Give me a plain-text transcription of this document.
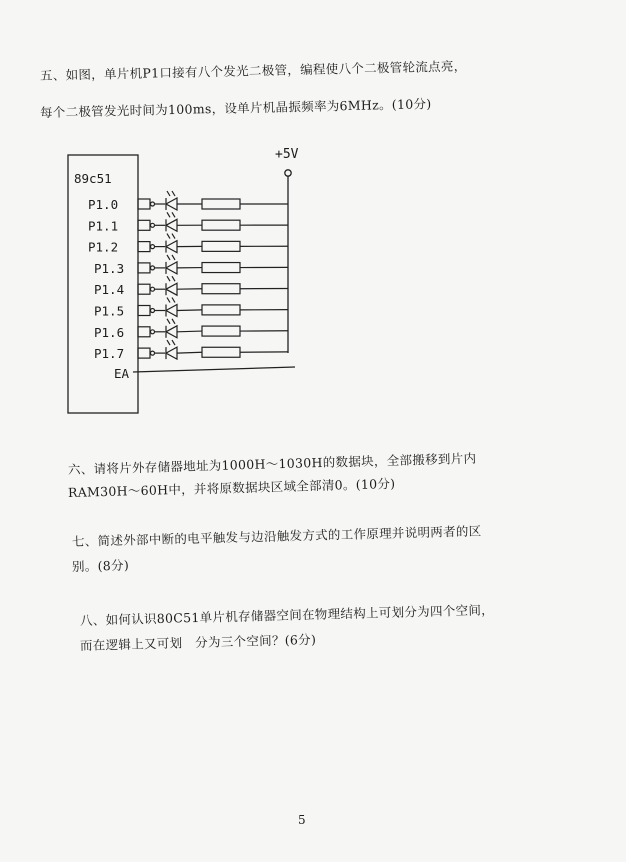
五、如图，单片机P1口接有八个发光二极管，编程使八个二极管轮流点亮，
每个二极管发光时间为100ms，设单片机晶振频率为6MHz。(10分)
+5V
89c51
P1.0
P1.1
P1.2
P1.3
P1.4
P1.5
P1.6
P1.7
EA
六、请将片外存储器地址为1000H～1030H的数据块，全部搬移到片内
RAM30H～60H中，并将原数据块区域全部清0。(10分)
七、简述外部中断的电平触发与边沿触发方式的工作原理并说明两者的区
别。(8分)
八、如何认识80C51单片机存储器空间在物理结构上可划分为四个空间，
而在逻辑上又可划　分为三个空间？(6分)
5
